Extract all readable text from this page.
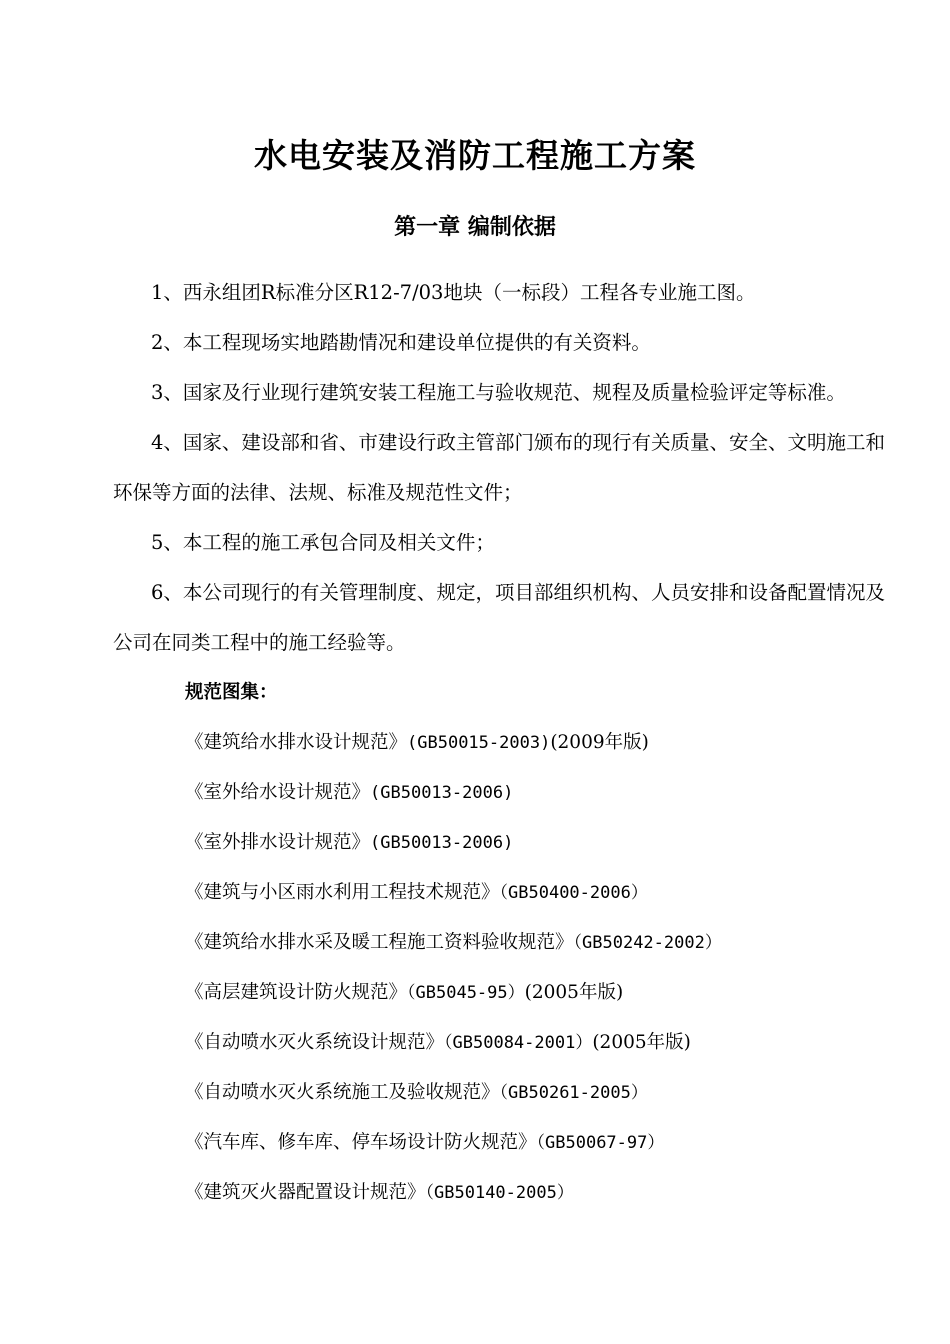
水电安装及消防工程施工方案
第一章 编制依据

1、西永组团R标准分区R12-7/03地块（一标段）工程各专业施工图。

2、本工程现场实地踏勘情况和建设单位提供的有关资料。

3、国家及行业现行建筑安装工程施工与验收规范、规程及质量检验评定等标准。

4、国家、建设部和省、市建设行政主管部门颁布的现行有关质量、安全、文明施工和环保等方面的法律、法规、标准及规范性文件；

5、本工程的施工承包合同及相关文件；

6、本公司现行的有关管理制度、规定，项目部组织机构、人员安排和设备配置情况及公司在同类工程中的施工经验等。

规范图集：

《建筑给水排水设计规范》(GB50015-2003)(2009年版)

《室外给水设计规范》(GB50013-2006)

《室外排水设计规范》(GB50013-2006)

《建筑与小区雨水利用工程技术规范》（GB50400-2006）

《建筑给水排水采及暖工程施工资料验收规范》（GB50242-2002）

《高层建筑设计防火规范》（GB5045-95）(2005年版)

《自动喷水灭火系统设计规范》（GB50084-2001）(2005年版)

《自动喷水灭火系统施工及验收规范》（GB50261-2005）

《汽车库、修车库、停车场设计防火规范》（GB50067-97）

《建筑灭火器配置设计规范》（GB50140-2005）
